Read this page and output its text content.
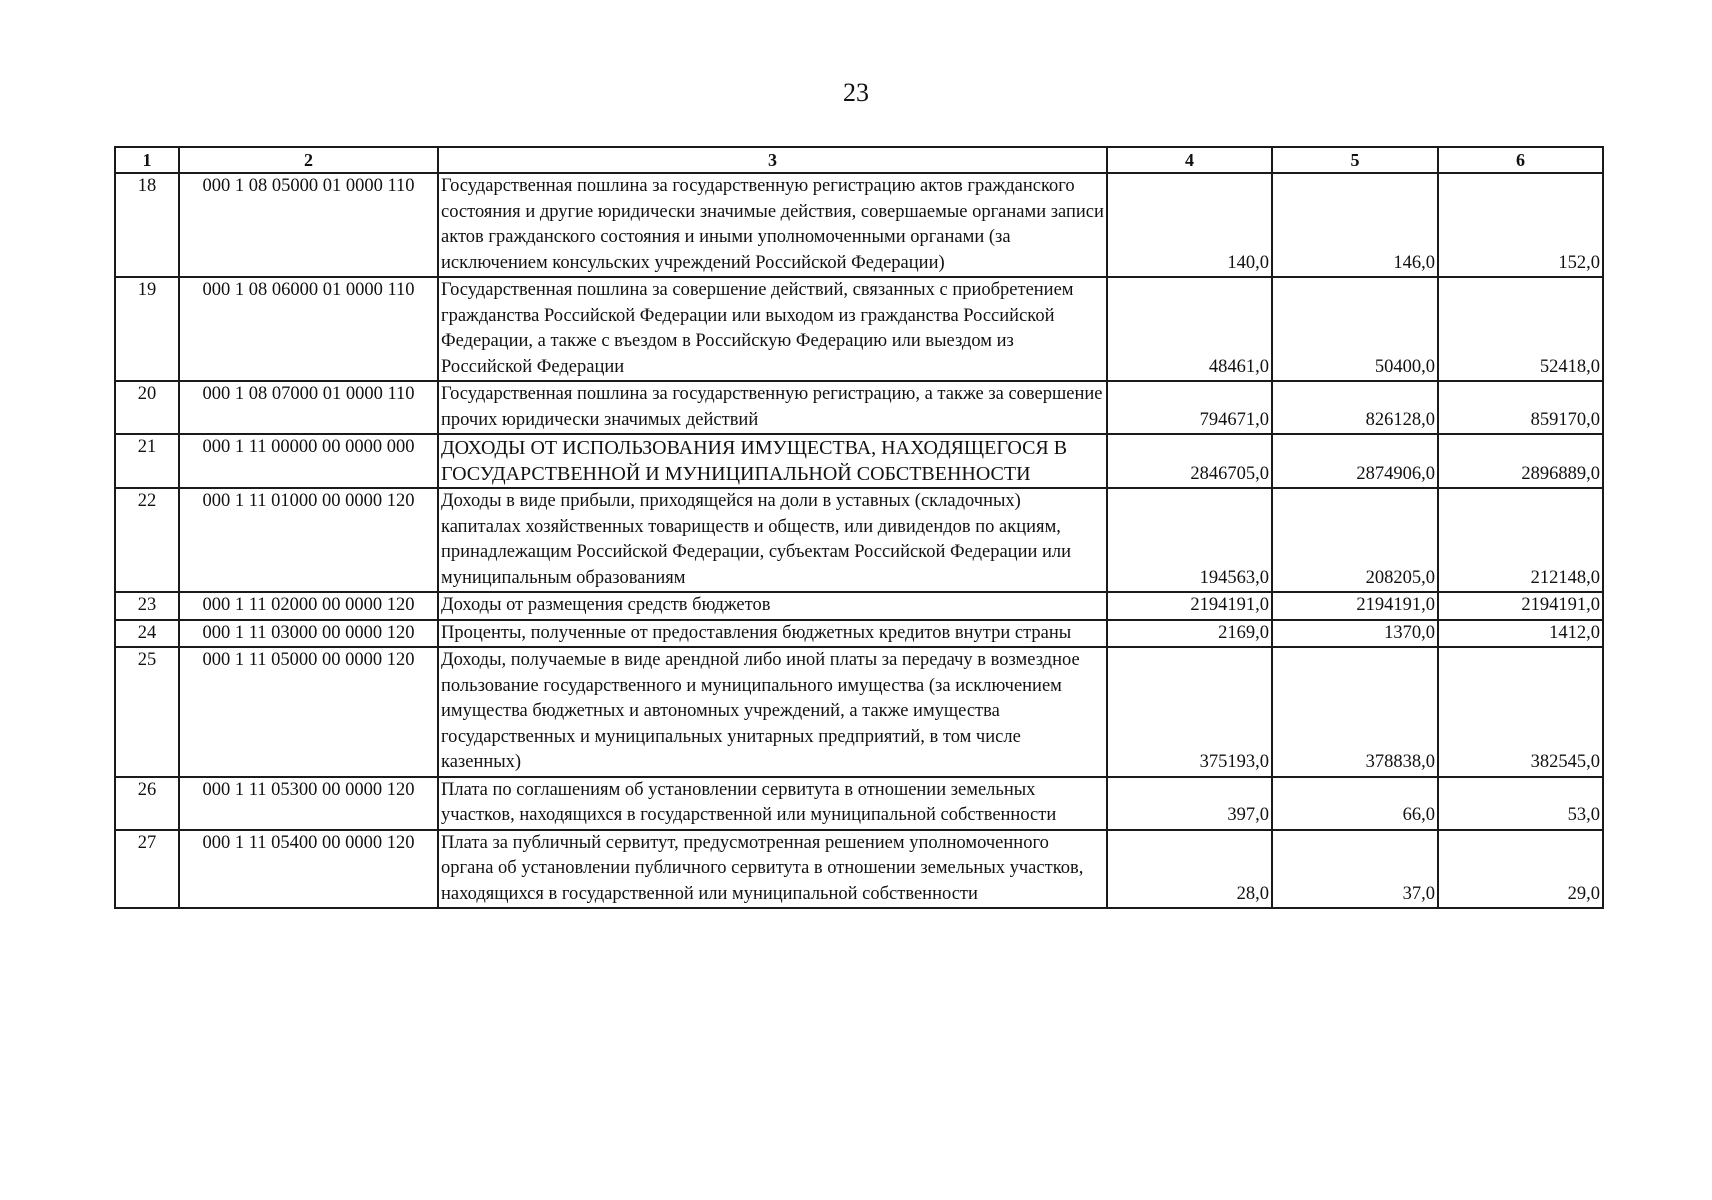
23
1	2	3	4	5	6
18	000 1 08 05000 01 0000 110	Государственная пошлина за государственную регистрацию актов гражданского состояния и другие юридически значимые действия, совершаемые органами записи актов гражданского состояния и иными уполномоченными органами (за исключением консульских учреждений Российской Федерации)	140,0	146,0	152,0
19	000 1 08 06000 01 0000 110	Государственная пошлина за совершение действий, связанных с приобретением гражданства Российской Федерации или выходом из гражданства Российской Федерации, а также с въездом в Российскую Федерацию или выездом из Российской Федерации	48461,0	50400,0	52418,0
20	000 1 08 07000 01 0000 110	Государственная пошлина за государственную регистрацию, а также за совершение прочих юридически значимых действий	794671,0	826128,0	859170,0
21	000 1 11 00000 00 0000 000	ДОХОДЫ ОТ ИСПОЛЬЗОВАНИЯ ИМУЩЕСТВА, НАХОДЯЩЕГОСЯ В ГОСУДАРСТВЕННОЙ И МУНИЦИПАЛЬНОЙ СОБСТВЕННОСТИ	2846705,0	2874906,0	2896889,0
22	000 1 11 01000 00 0000 120	Доходы в виде прибыли, приходящейся на доли в уставных (складочных) капиталах хозяйственных товариществ и обществ, или дивидендов по акциям, принадлежащим Российской Федерации, субъектам Российской Федерации или муниципальным образованиям	194563,0	208205,0	212148,0
23	000 1 11 02000 00 0000 120	Доходы от размещения средств бюджетов	2194191,0	2194191,0	2194191,0
24	000 1 11 03000 00 0000 120	Проценты, полученные от предоставления бюджетных кредитов внутри страны	2169,0	1370,0	1412,0
25	000 1 11 05000 00 0000 120	Доходы, получаемые в виде арендной либо иной платы за передачу в возмездное пользование государственного и муниципального имущества (за исключением имущества бюджетных и автономных учреждений, а также имущества государственных и муниципальных унитарных предприятий, в том числе казенных)	375193,0	378838,0	382545,0
26	000 1 11 05300 00 0000 120	Плата по соглашениям об установлении сервитута в отношении земельных участков, находящихся в государственной или муниципальной собственности	397,0	66,0	53,0
27	000 1 11 05400 00 0000 120	Плата за публичный сервитут, предусмотренная решением уполномоченного органа об установлении публичного сервитута в отношении земельных участков, находящихся в государственной или муниципальной собственности	28,0	37,0	29,0
